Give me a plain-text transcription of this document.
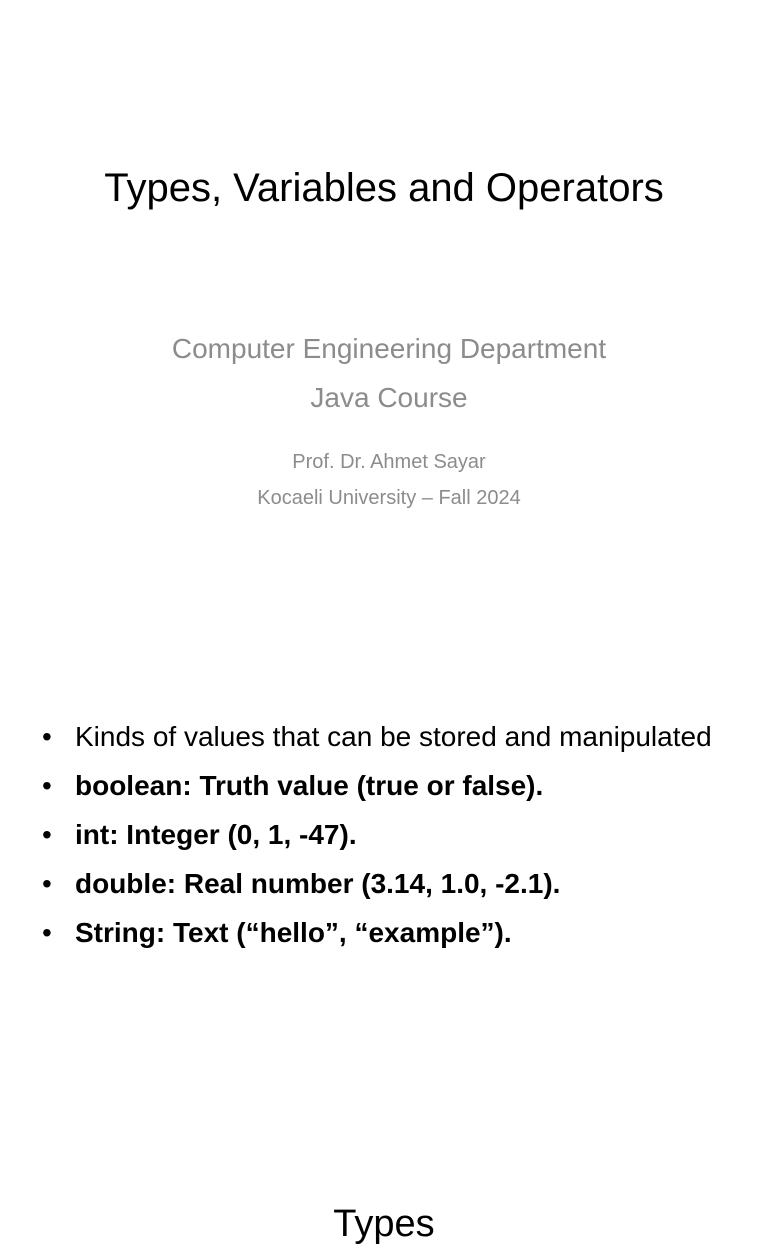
Types, Variables and Operators
Computer Engineering Department
Java Course
Prof. Dr. Ahmet Sayar
Kocaeli University – Fall 2024
Types
• Kinds of values that can be stored and manipulated
• boolean: Truth value (true or false).
• int: Integer (0, 1, -47).
• double: Real number (3.14, 1.0, -2.1).
• String: Text (“hello”, “example”).
